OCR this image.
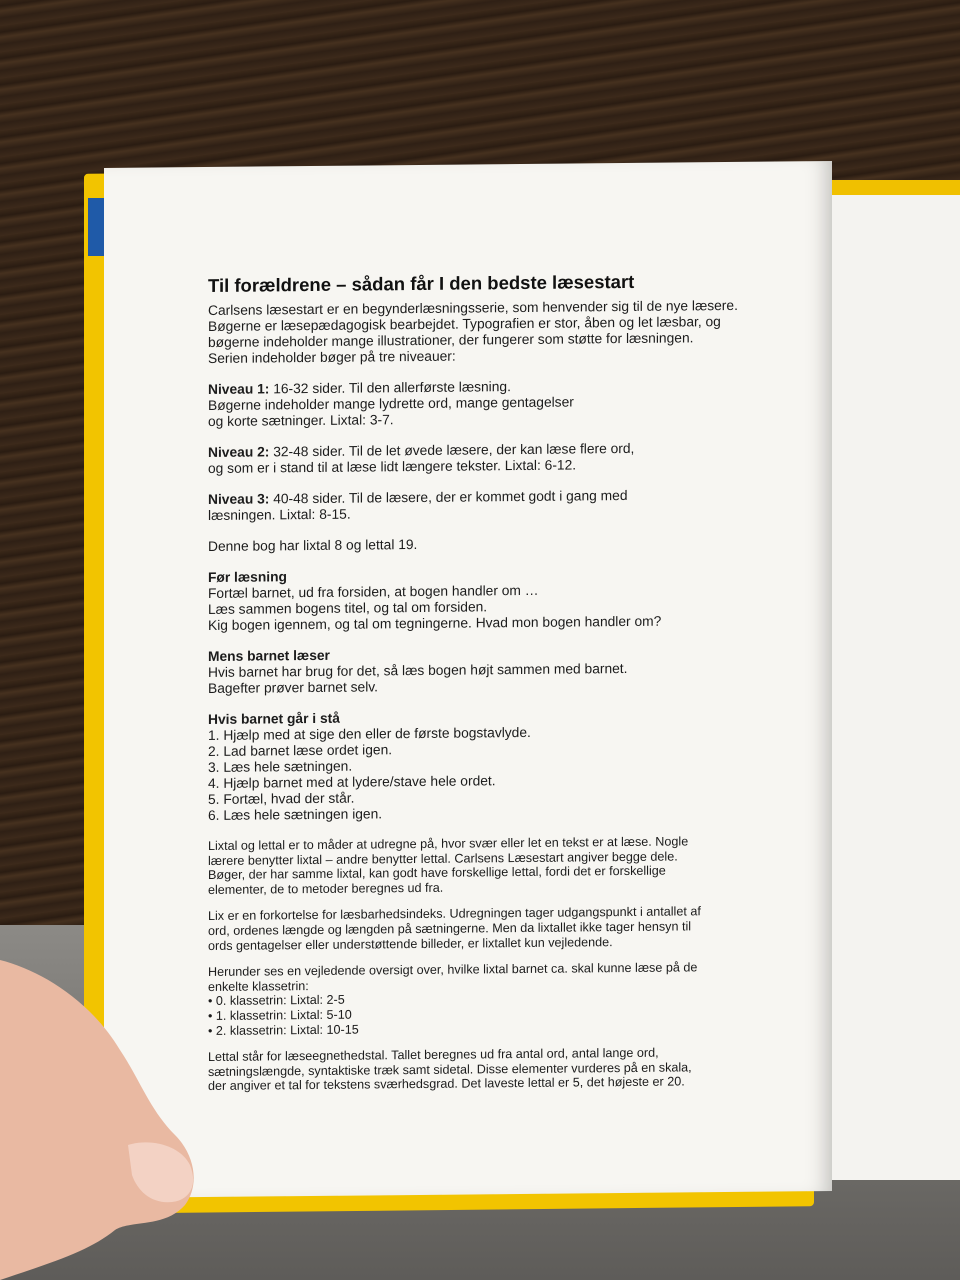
Til forældrene – sådan får I den bedste læsestart

Carlsens læsestart er en begynderlæsningsserie, som henvender sig til de nye læsere.

Bøgerne er læsepædagogisk bearbejdet. Typografien er stor, åben og let læsbar, og

bøgerne indeholder mange illustrationer, der fungerer som støtte for læsningen.

Serien indeholder bøger på tre niveauer:

Niveau 1: 16-32 sider. Til den allerførste læsning.

Bøgerne indeholder mange lydrette ord, mange gentagelser

og korte sætninger. Lixtal: 3-7.

Niveau 2: 32-48 sider. Til de let øvede læsere, der kan læse flere ord,

og som er i stand til at læse lidt længere tekster. Lixtal: 6-12.

Niveau 3: 40-48 sider. Til de læsere, der er kommet godt i gang med

læsningen. Lixtal: 8-15.

Denne bog har lixtal 8 og lettal 19.

Før læsning

Fortæl barnet, ud fra forsiden, at bogen handler om …

Læs sammen bogens titel, og tal om forsiden.

Kig bogen igennem, og tal om tegningerne. Hvad mon bogen handler om?

Mens barnet læser

Hvis barnet har brug for det, så læs bogen højt sammen med barnet.

Bagefter prøver barnet selv.

Hvis barnet går i stå

1. Hjælp med at sige den eller de første bogstavlyde.

2. Lad barnet læse ordet igen.

3. Læs hele sætningen.

4. Hjælp barnet med at lydere/stave hele ordet.

5. Fortæl, hvad der står.

6. Læs hele sætningen igen.

Lixtal og lettal er to måder at udregne på, hvor svær eller let en tekst er at læse. Nogle

lærere benytter lixtal – andre benytter lettal. Carlsens Læsestart angiver begge dele.

Bøger, der har samme lixtal, kan godt have forskellige lettal, fordi det er forskellige

elementer, de to metoder beregnes ud fra.

Lix er en forkortelse for læsbarhedsindeks. Udregningen tager udgangspunkt i antallet af

ord, ordenes længde og længden på sætningerne. Men da lixtallet ikke tager hensyn til

ords gentagelser eller understøttende billeder, er lixtallet kun vejledende.

Herunder ses en vejledende oversigt over, hvilke lixtal barnet ca. skal kunne læse på de

enkelte klassetrin:

• 0. klassetrin: Lixtal: 2-5

• 1. klassetrin: Lixtal: 5-10

• 2. klassetrin: Lixtal: 10-15

Lettal står for læseegnethedstal. Tallet beregnes ud fra antal ord, antal lange ord,

sætningslængde, syntaktiske træk samt sidetal. Disse elementer vurderes på en skala,

der angiver et tal for tekstens sværhedsgrad. Det laveste lettal er 5, det højeste er 20.
